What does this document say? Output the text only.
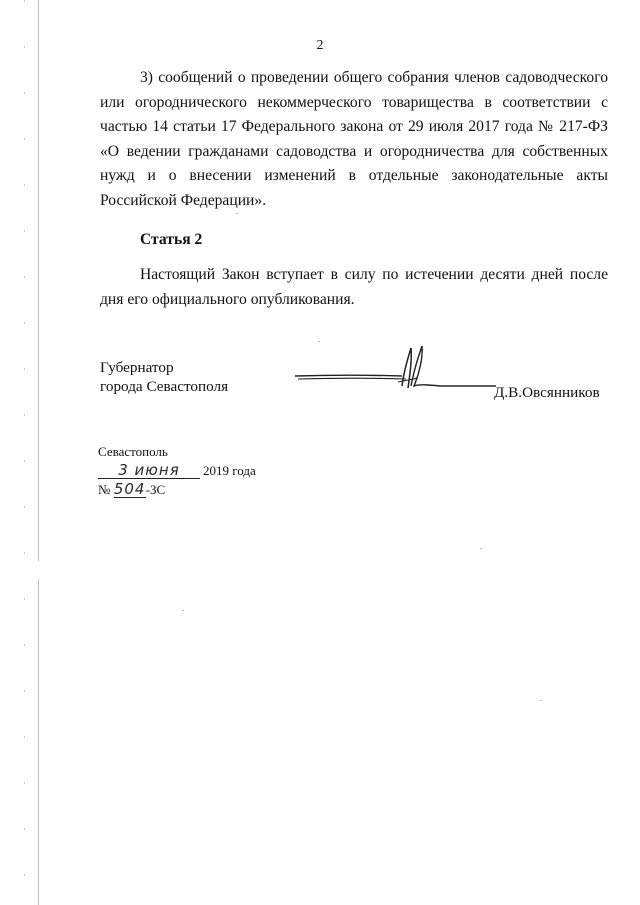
2

3) сообщений о проведении общего собрания членов садоводческого или огороднического некоммерческого товарищества в соответствии с частью 14 статьи 17 Федерального закона от 29 июля 2017 года № 217-ФЗ «О ведении гражданами садоводства и огородничества для собственных нужд и о внесении изменений в отдельные законодательные акты Российской Федерации».

Статья 2

Настоящий Закон вступает в силу по истечении десяти дней после дня его официального опубликования.

Губернатор
города Севастополя	Д.В.Овсянников
Севастополь
3 июня	2019 года
№ 504 -ЗС
